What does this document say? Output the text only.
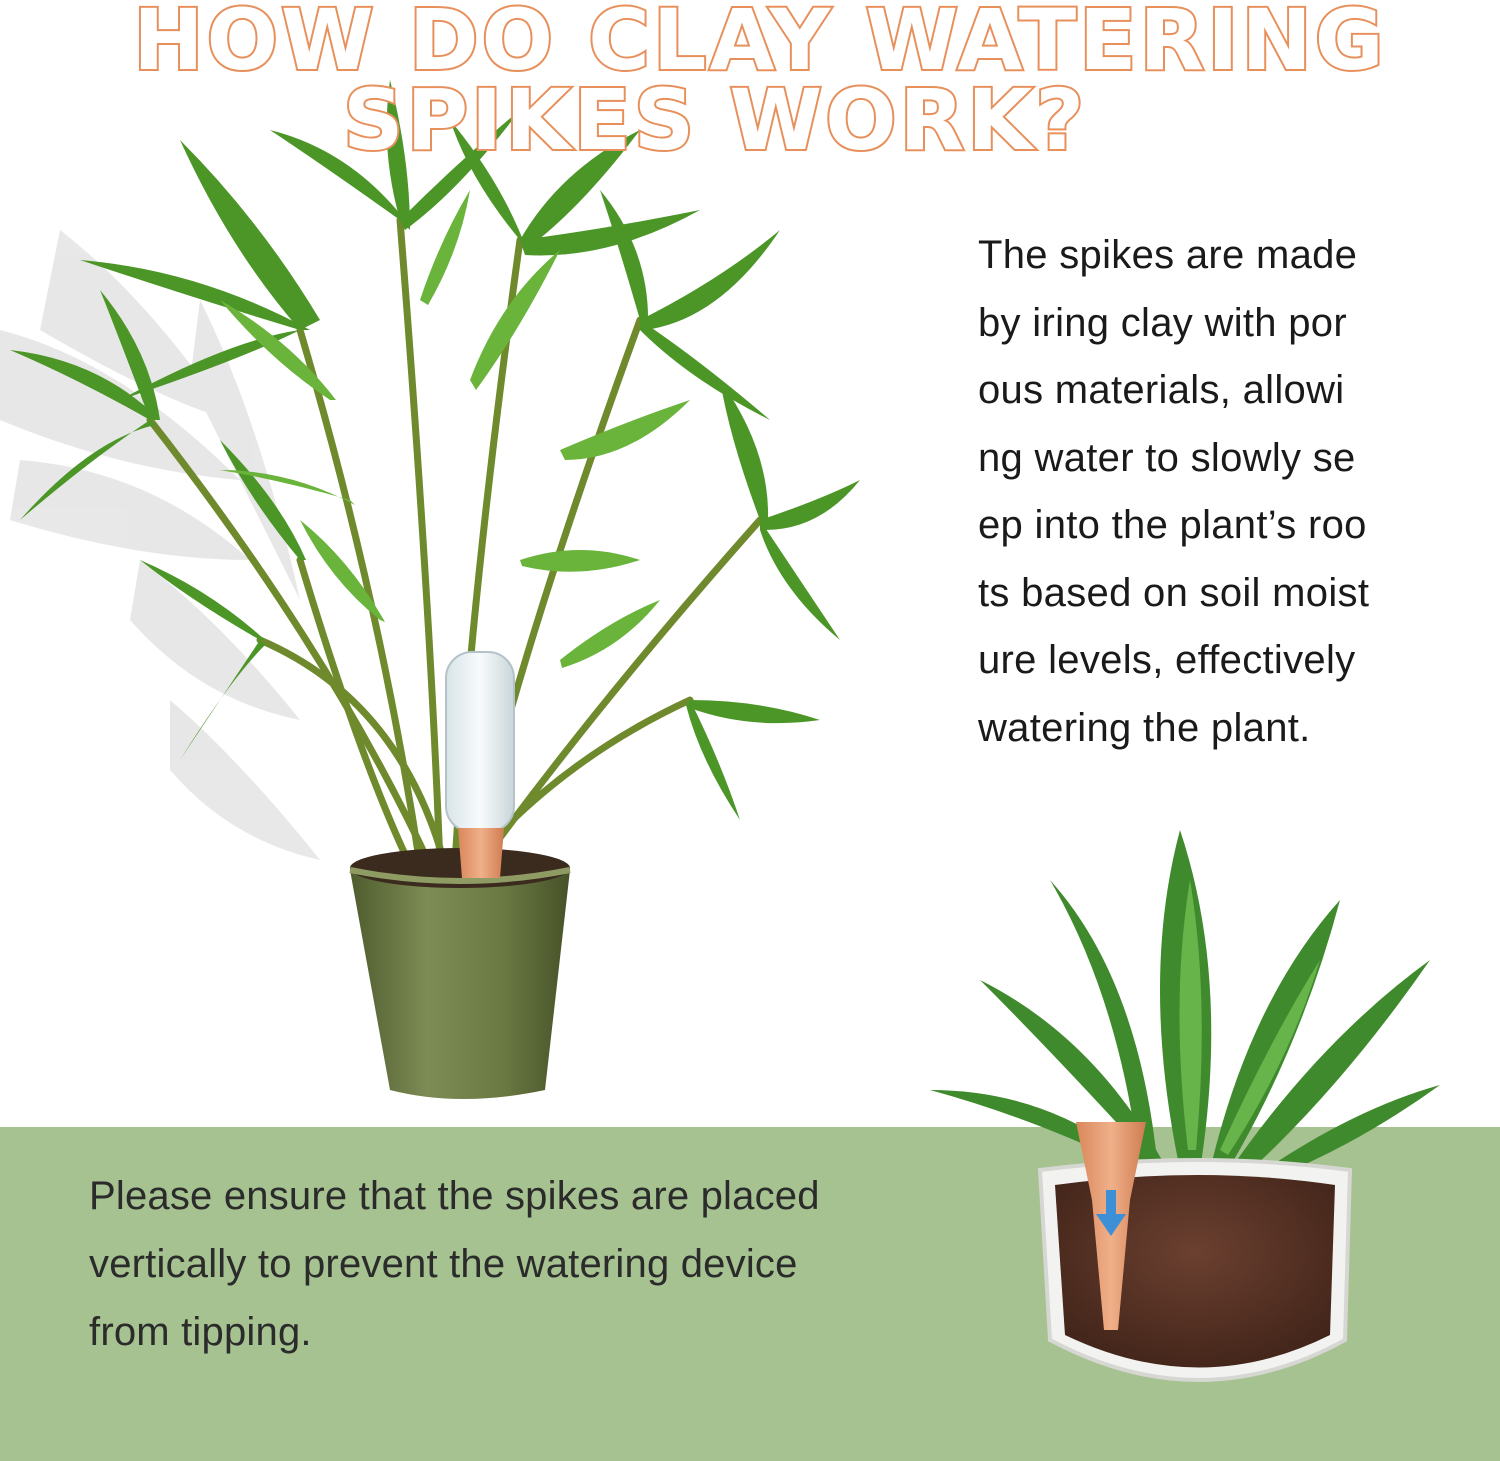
HOW DO CLAY WATERING
SPIKES WORK?

The spikes are made
by iring clay with por
ous materials, allowi
ng water to slowly se
ep into the plant’s roo
ts based on soil moist
ure levels, effectively
watering the plant.

Please ensure that the spikes are placed
vertically to prevent the watering device
from tipping.
